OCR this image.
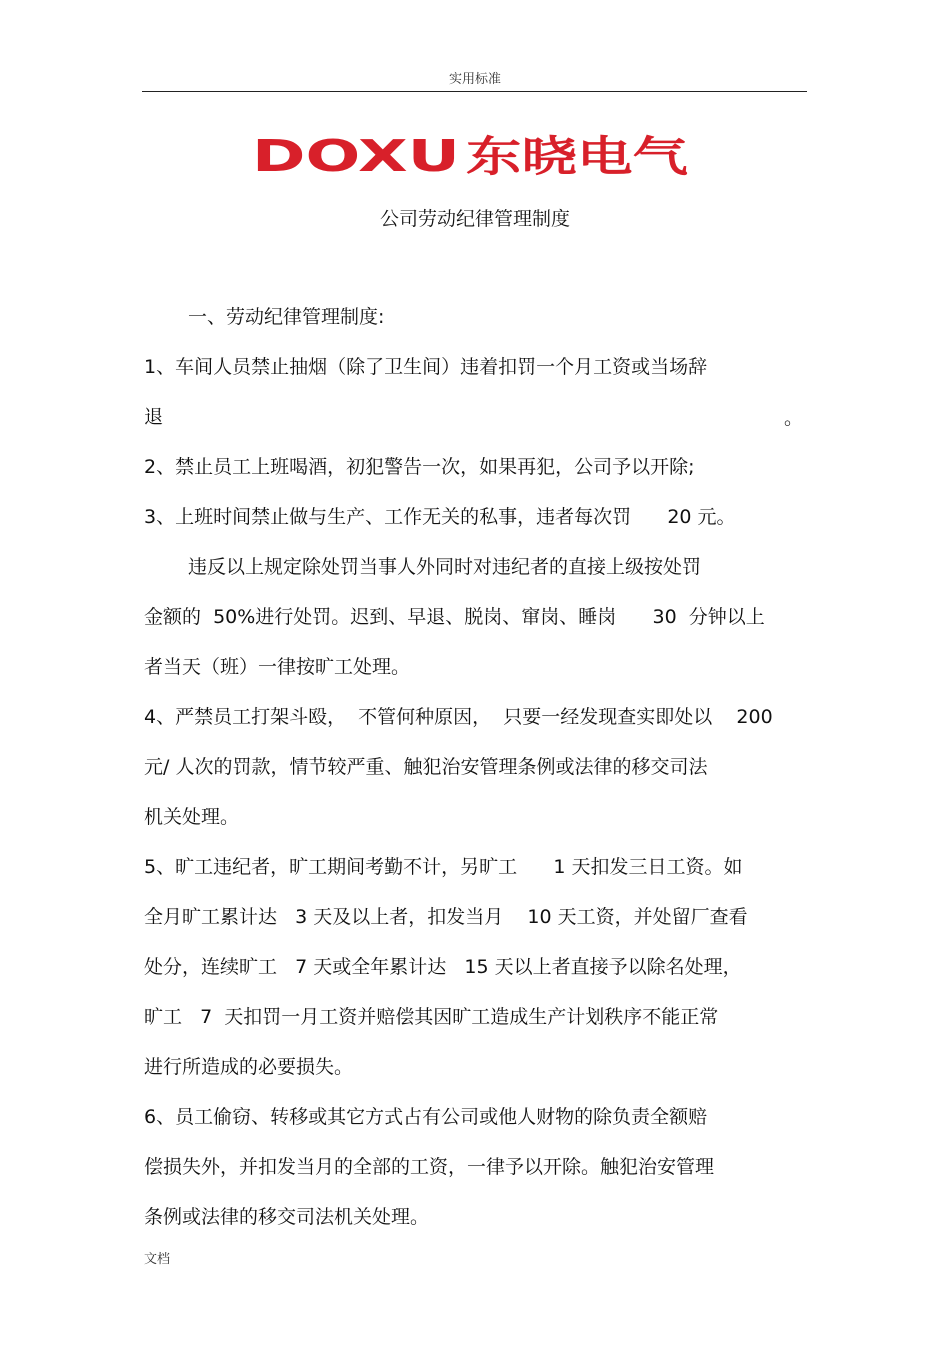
实用标准
DOXU 东晓电气
公司劳动纪律管理制度
一、劳动纪律管理制度:
1、车间人员禁止抽烟（除了卫生间）违着扣罚一个月工资或当场辞
退	。
2、禁止员工上班喝酒，初犯警告一次，如果再犯，公司予以开除;
3、上班时间禁止做与生产、工作无关的私事，违者每次罚      20 元。
违反以上规定除处罚当事人外同时对违纪者的直接上级按处罚
金额的  50%进行处罚。迟到、早退、脱岗、窜岗、睡岗      30  分钟以上
者当天（班）一律按旷工处理。
4、严禁员工打架斗殴，  不管何种原因，  只要一经发现查实即处以    200
元/ 人次的罚款，情节较严重、触犯治安管理条例或法律的移交司法
机关处理。
5、旷工违纪者，旷工期间考勤不计，另旷工      1 天扣发三日工资。如
全月旷工累计达   3 天及以上者，扣发当月    10 天工资，并处留厂查看
处分，连续旷工   7 天或全年累计达   15 天以上者直接予以除名处理，
旷工   7  天扣罚一月工资并赔偿其因旷工造成生产计划秩序不能正常
进行所造成的必要损失。
6、员工偷窃、转移或其它方式占有公司或他人财物的除负责全额赔
偿损失外，并扣发当月的全部的工资，一律予以开除。触犯治安管理
条例或法律的移交司法机关处理。
文档
